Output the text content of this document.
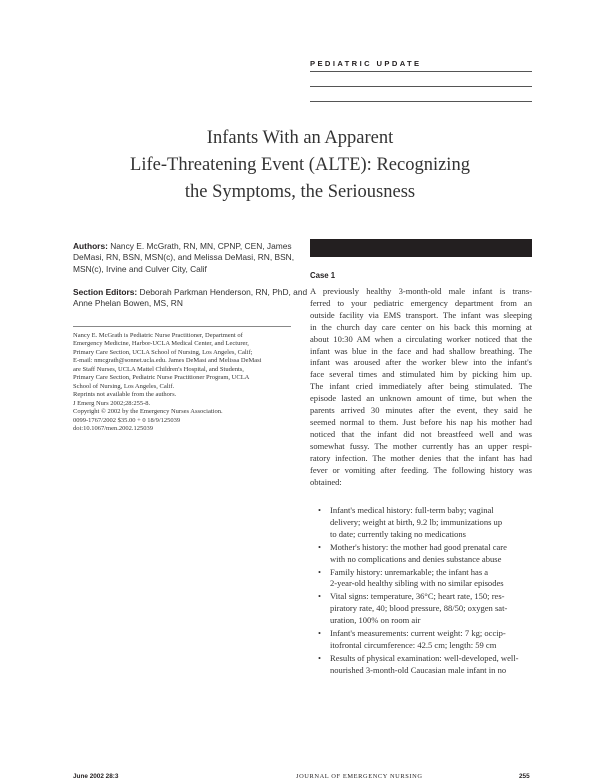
PEDIATRIC UPDATE
Infants With an Apparent
Life-Threatening Event (ALTE): Recognizing
the Symptoms, the Seriousness
Authors: Nancy E. McGrath, RN, MN, CPNP, CEN, James
DeMasi, RN, BSN, MSN(c), and Melissa DeMasi, RN, BSN,
MSN(c), Irvine and Culver City, Calif
Section Editors: Deborah Parkman Henderson, RN, PhD, and
Anne Phelan Bowen, MS, RN
Nancy E. McGrath is Pediatric Nurse Practitioner, Department of
Emergency Medicine, Harbor-UCLA Medical Center, and Lecturer,
Primary Care Section, UCLA School of Nursing, Los Angeles, Calif;
E-mail: nmcgrath@sonnet.ucla.edu. James DeMasi and Melissa DeMasi
are Staff Nurses, UCLA Mattel Children's Hospital, and Students,
Primary Care Section, Pediatric Nurse Practitioner Program, UCLA
School of Nursing, Los Angeles, Calif.
Reprints not available from the authors.
J Emerg Nurs 2002;28:255-8.
Copyright © 2002 by the Emergency Nurses Association.
0099-1767/2002 $35.00 + 0 18/9/125039
doi:10.1067/men.2002.125039
Case 1
A previously healthy 3-month-old male infant is trans-
ferred to your pediatric emergency department from an
outside facility via EMS transport. The infant was sleeping
in the church day care center on his back this morning at
about 10:30 AM when a circulating worker noticed that the
infant was blue in the face and had shallow breathing. The
infant was aroused after the worker blew into the infant's
face several times and stimulated him by picking him up.
The infant cried immediately after being stimulated. The
episode lasted an unknown amount of time, but when the
parents arrived 30 minutes after the event, they said he
seemed normal to them. Just before his nap his mother had
noticed that the infant did not breastfeed well and was
somewhat fussy. The mother currently has an upper respi-
ratory infection. The mother denies that the infant has had
fever or vomiting after feeding. The following history was
obtained:
• Infant's medical history: full-term baby; vaginal
delivery; weight at birth, 9.2 lb; immunizations up
to date; currently taking no medications
• Mother's history: the mother had good prenatal care
with no complications and denies substance abuse
• Family history: unremarkable; the infant has a
2-year-old healthy sibling with no similar episodes
• Vital signs: temperature, 36°C; heart rate, 150; res-
piratory rate, 40; blood pressure, 88/50; oxygen sat-
uration, 100% on room air
• Infant's measurements: current weight: 7 kg; occip-
itofrontal circumference: 42.5 cm; length: 59 cm
• Results of physical examination: well-developed, well-
nourished 3-month-old Caucasian male infant in no
June 2002 28:3	JOURNAL OF EMERGENCY NURSING	255
